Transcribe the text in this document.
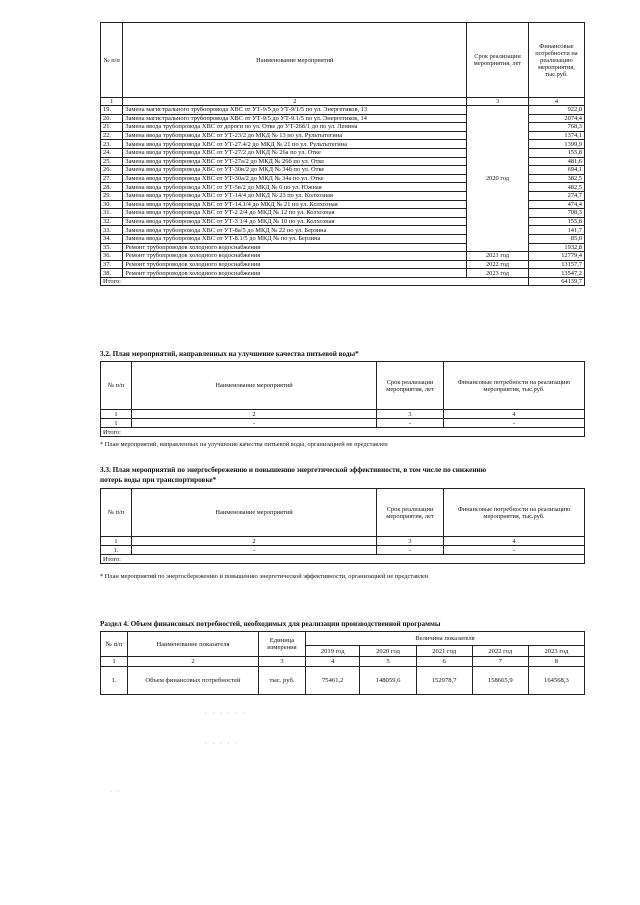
№ п/п	Наименование мероприятий	Срок реализации мероприятия, лет	Финансовые потребности на реализацию мероприятия, тыс.руб.
1	2	3	4
19.	Замена магистрального трубопровода ХВС от УТ-9/5 до УТ-9/1/5 по ул. Энергетиков, 13	2020 год	922,0
20.	Замена магистрального трубопровода ХВС от УТ-9/5 до УТ-9.1/5 по ул. Энергетиков, 14		2074,4
21.	Замена ввода трубопровода ХВС от дороги по ул. Отке до УТ-26б/1 до по ул. Ленина		768,3
22.	Замена ввода трубопровода ХВС от УТ-23/2 до МКД № 13 по ул. Рультытегина		1374,1
23.	Замена ввода трубопровода ХВС от УТ-27.4/2 до МКД № 21 по ул. Рультытегина		1399,9
24.	Замена ввода трубопровода ХВС от УТ-27/2 до МКД № 26а по ул. Отке		155,8
25.	Замена ввода трубопровода ХВС от УТ-27а/2 до МКД № 26б по ул. Отке		481,6
26.	Замена ввода трубопровода ХВС от УТ-30в/2 до МКД № 34б по ул. Отке		694,1
27.	Замена ввода трубопровода ХВС от УТ-30а/2 до МКД № 34а по ул. Отке		382,5
28.	Замена ввода трубопровода ХВС от УТ-5в/2 до МКД № 6 по ул. Южная		482,5
29.	Замена ввода трубопровода ХВС от УТ-14/4 до МКД № 23 по ул. Колхозная		274,7
30.	Замена ввода трубопровода ХВС от УТ-14.1/4 до МКД № 21 по ул. Колхозная		474,4
31.	Замена ввода трубопровода ХВС от УТ-2 2/4 до МКД № 12 по ул. Колхозная		708,3
32.	Замена ввода трубопровода ХВС от УТ-3 1/4 до МКД № 10 по ул. Колхозная		155,8
33.	Замена ввода трубопровода ХВС от УТ-8а/5 до МКД № 22 по ул. Берзина		141,7
34.	Замена ввода трубопровода ХВС от УТ-8.1/5 до МКД № по ул. Берзина		85,0
35.	Ремонт трубопроводов холодного водоснабжения		1932,8
36.	Ремонт трубопроводов холодного водоснабжения	2021 год	12779,4
37.	Ремонт трубопроводов холодного водоснабжения	2022 год	13157,7
38.	Ремонт трубопроводов холодного водоснабжения	2023 год	13547,2
Итого:			64139,7
3.2. План мероприятий, направленных на улучшение качества питьевой воды*
№ п/п	Наименование мероприятий	Срок реализации мероприятия, лет	Финансовые потребности на реализацию мероприятия, тыс.руб.
1	2	3	4
1	-	-	-
Итого:			
* План мероприятий, направленных на улучшение качества питьевой воды, организацией не представлен
3.3. План мероприятий по энергосбережению и повышению энергетической эффективности, в том числе по снижению
потерь воды при транспортировке*
№ п/п	Наименование мероприятий	Срок реализации мероприятия, лет	Финансовые потребности на реализацию мероприятия, тыс.руб.
1	2	3	4
1.	-	-	-
Итого:			
* План мероприятий по энергосбережению и повышению энергетической эффективности, организацией не представлен
Раздел 4. Объем финансовых потребностей, необходимых для реализации производственной программы
№ п/п	Наименование показателя	Единица измерения	Величина показателя				
			2019 год	2020 год	2021 год	2022 год	2023 год
1	2	3	4	5	6	7	8
1.	Объем финансовых потребностей	тыс. руб.	75461,2	148059,6	152978,7	158665,9	164568,3
· · · · · ·
· · · · ·
· ·
